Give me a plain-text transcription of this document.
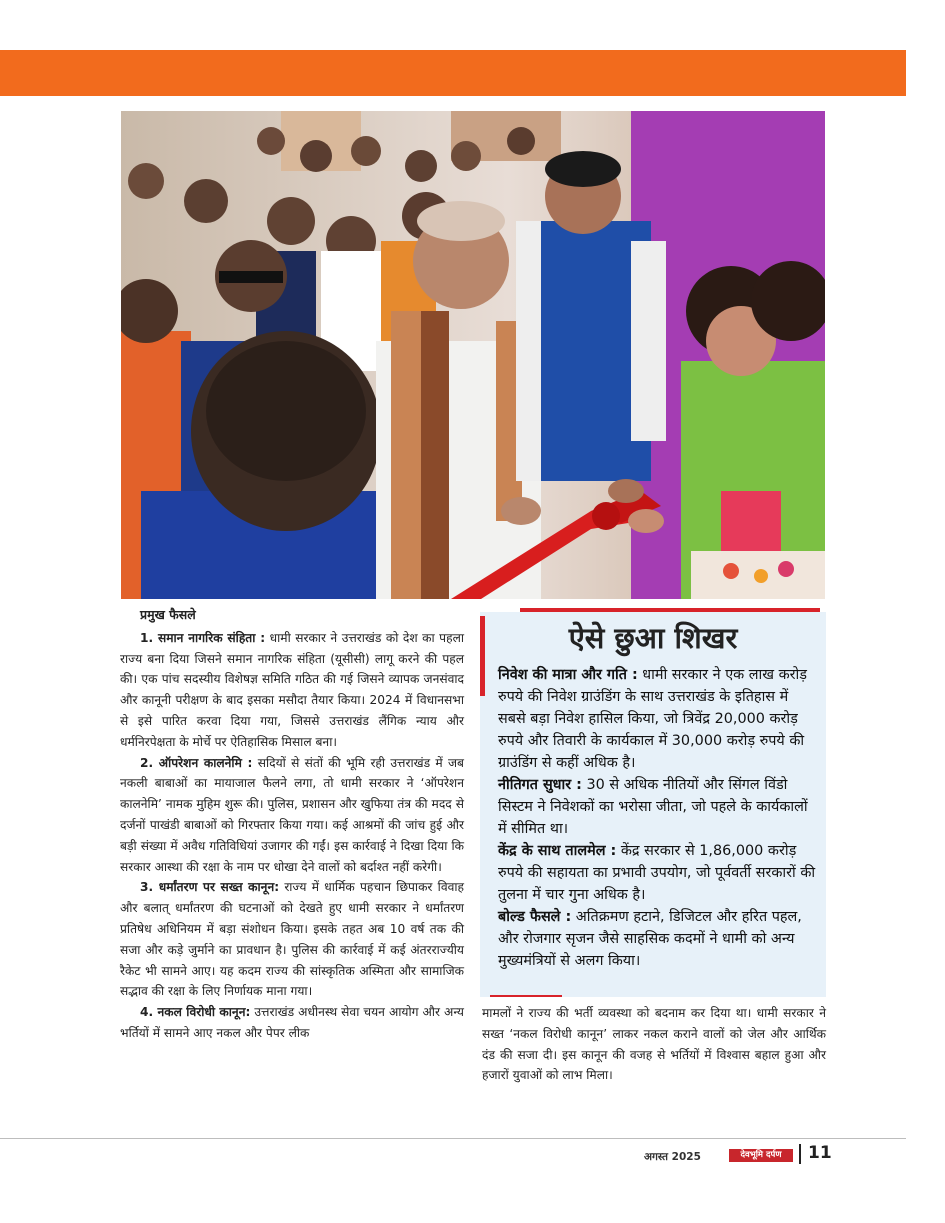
प्रमुख फैसले

1. समान नागरिक संहिता : धामी सरकार ने उत्तराखंड को देश का पहला राज्य बना दिया जिसने समान नागरिक संहिता (यूसीसी) लागू करने की पहल की। एक पांच सदस्यीय विशेषज्ञ समिति गठित की गई जिसने व्यापक जनसंवाद और कानूनी परीक्षण के बाद इसका मसौदा तैयार किया। 2024 में विधानसभा से इसे पारित करवा दिया गया, जिससे उत्तराखंड लैंगिक न्याय और धर्मनिरपेक्षता के मोर्चे पर ऐतिहासिक मिसाल बना।

2. ऑपरेशन कालनेमि : सदियों से संतों की भूमि रही उत्तराखंड में जब नकली बाबाओं का मायाजाल फैलने लगा, तो धामी सरकार ने ‘ऑपरेशन कालनेमि’ नामक मुहिम शुरू की। पुलिस, प्रशासन और खुफिया तंत्र की मदद से दर्जनों पाखंडी बाबाओं को गिरफ्तार किया गया। कई आश्रमों की जांच हुई और बड़ी संख्या में अवैध गतिविधियां उजागर की गईं। इस कार्रवाई ने दिखा दिया कि सरकार आस्था की रक्षा के नाम पर धोखा देने वालों को बर्दाश्त नहीं करेगी।

3. धर्मांतरण पर सख्त कानून: राज्य में धार्मिक पहचान छिपाकर विवाह और बलात् धर्मांतरण की घटनाओं को देखते हुए धामी सरकार ने धर्मांतरण प्रतिषेध अधिनियम में बड़ा संशोधन किया। इसके तहत अब 10 वर्ष तक की सजा और कड़े जुर्माने का प्रावधान है। पुलिस की कार्रवाई में कई अंतरराज्यीय रैकेट भी सामने आए। यह कदम राज्य की सांस्कृतिक अस्मिता और सामाजिक सद्भाव की रक्षा के लिए निर्णायक माना गया।

4. नकल विरोधी कानून: उत्तराखंड अधीनस्थ सेवा चयन आयोग और अन्य भर्तियों में सामने आए नकल और पेपर लीक

ऐसे छुआ शिखर

निवेश की मात्रा और गति : धामी सरकार ने एक लाख करोड़ रुपये की निवेश ग्राउंडिंग के साथ उत्तराखंड के इतिहास में सबसे बड़ा निवेश हासिल किया, जो त्रिवेंद्र 20,000 करोड़ रुपये और तिवारी के कार्यकाल में 30,000 करोड़ रुपये की ग्राउंडिंग से कहीं अधिक है।

नीतिगत सुधार : 30 से अधिक नीतियों और सिंगल विंडो सिस्टम ने निवेशकों का भरोसा जीता, जो पहले के कार्यकालों में सीमित था।

केंद्र के साथ तालमेल : केंद्र सरकार से 1,86,000 करोड़ रुपये की सहायता का प्रभावी उपयोग, जो पूर्ववर्ती सरकारों की तुलना में चार गुना अधिक है।

बोल्ड फैसले : अतिक्रमण हटाने, डिजिटल और हरित पहल, और रोजगार सृजन जैसे साहसिक कदमों ने धामी को अन्य मुख्यमंत्रियों से अलग किया।

मामलों ने राज्य की भर्ती व्यवस्था को बदनाम कर दिया था। धामी सरकार ने सख्त ‘नकल विरोधी कानून’ लाकर नकल कराने वालों को जेल और आर्थिक दंड की सजा दी। इस कानून की वजह से भर्तियों में विश्वास बहाल हुआ और हजारों युवाओं को लाभ मिला।

अगस्त 2025	देवभूमि दर्पण	11
